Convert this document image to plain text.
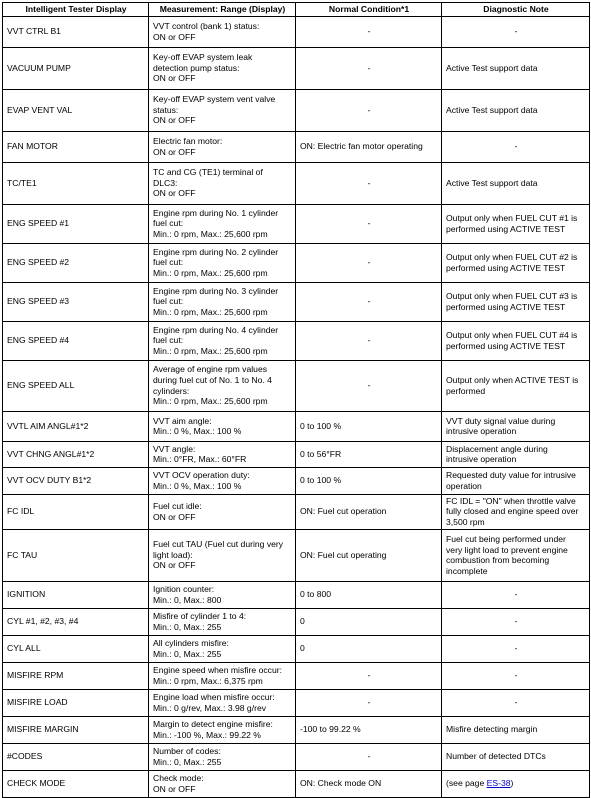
Intelligent Tester Display	Measurement: Range (Display)	Normal Condition*1	Diagnostic Note
VVT CTRL B1	VVT control (bank 1) status:
ON or OFF	-	-

VACUUM PUMP	Key-off EVAP system leak
detection pump status:
ON or OFF	-	Active Test support data

EVAP VENT VAL	Key-off EVAP system vent valve
status:
ON or OFF	-	Active Test support data

FAN MOTOR	Electric fan motor:
ON or OFF	ON: Electric fan motor operating	-

TC/TE1	TC and CG (TE1) terminal of
DLC3:
ON or OFF	-	Active Test support data

ENG SPEED #1	Engine rpm during No. 1 cylinder
fuel cut:
Min.: 0 rpm, Max.: 25,600 rpm	-	Output only when FUEL CUT #1 is
performed using ACTIVE TEST

ENG SPEED #2	Engine rpm during No. 2 cylinder
fuel cut:
Min.: 0 rpm, Max.: 25,600 rpm	-	Output only when FUEL CUT #2 is
performed using ACTIVE TEST

ENG SPEED #3	Engine rpm during No. 3 cylinder
fuel cut:
Min.: 0 rpm, Max.: 25,600 rpm	-	Output only when FUEL CUT #3 is
performed using ACTIVE TEST

ENG SPEED #4	Engine rpm during No. 4 cylinder
fuel cut:
Min.: 0 rpm, Max.: 25,600 rpm	-	Output only when FUEL CUT #4 is
performed using ACTIVE TEST

ENG SPEED ALL	Average of engine rpm values
during fuel cut of No. 1 to No. 4
cylinders:
Min.: 0 rpm, Max.: 25,600 rpm	-	Output only when ACTIVE TEST is
performed

VVTL AIM ANGL#1*2	VVT aim angle:
Min.: 0 %, Max.: 100 %	0 to 100 %	VVT duty signal value during
intrusive operation

VVT CHNG ANGL#1*2	VVT angle:
Min.: 0°FR, Max.: 60°FR	0 to 56°FR	Displacement angle during
intrusive operation

VVT OCV DUTY B1*2	VVT OCV operation duty:
Min.: 0 %, Max.: 100 %	0 to 100 %	Requested duty value for intrusive
operation

FC IDL	Fuel cut idle:
ON or OFF	ON: Fuel cut operation	FC IDL = "ON" when throttle valve
fully closed and engine speed over
3,500 rpm

FC TAU	Fuel cut TAU (Fuel cut during very
light load):
ON or OFF	ON: Fuel cut operating	Fuel cut being performed under
very light load to prevent engine
combustion from becoming
incomplete

IGNITION	Ignition counter:
Min.: 0, Max.: 800	0 to 800	-

CYL #1, #2, #3, #4	Misfire of cylinder 1 to 4:
Min.: 0, Max.: 255	0	-

CYL ALL	All cylinders misfire:
Min.: 0, Max.: 255	0	-

MISFIRE RPM	Engine speed when misfire occur:
Min.: 0 rpm, Max.: 6,375 rpm	-	-

MISFIRE LOAD	Engine load when misfire occur:
Min.: 0 g/rev, Max.: 3.98 g/rev	-	-

MISFIRE MARGIN	Margin to detect engine misfire:
Min.: -100 %, Max.: 99.22 %	-100 to 99.22 %	Misfire detecting margin

#CODES	Number of codes:
Min.: 0, Max.: 255	-	Number of detected DTCs

CHECK MODE	Check mode:
ON or OFF	ON: Check mode ON	(see page ES-38)
